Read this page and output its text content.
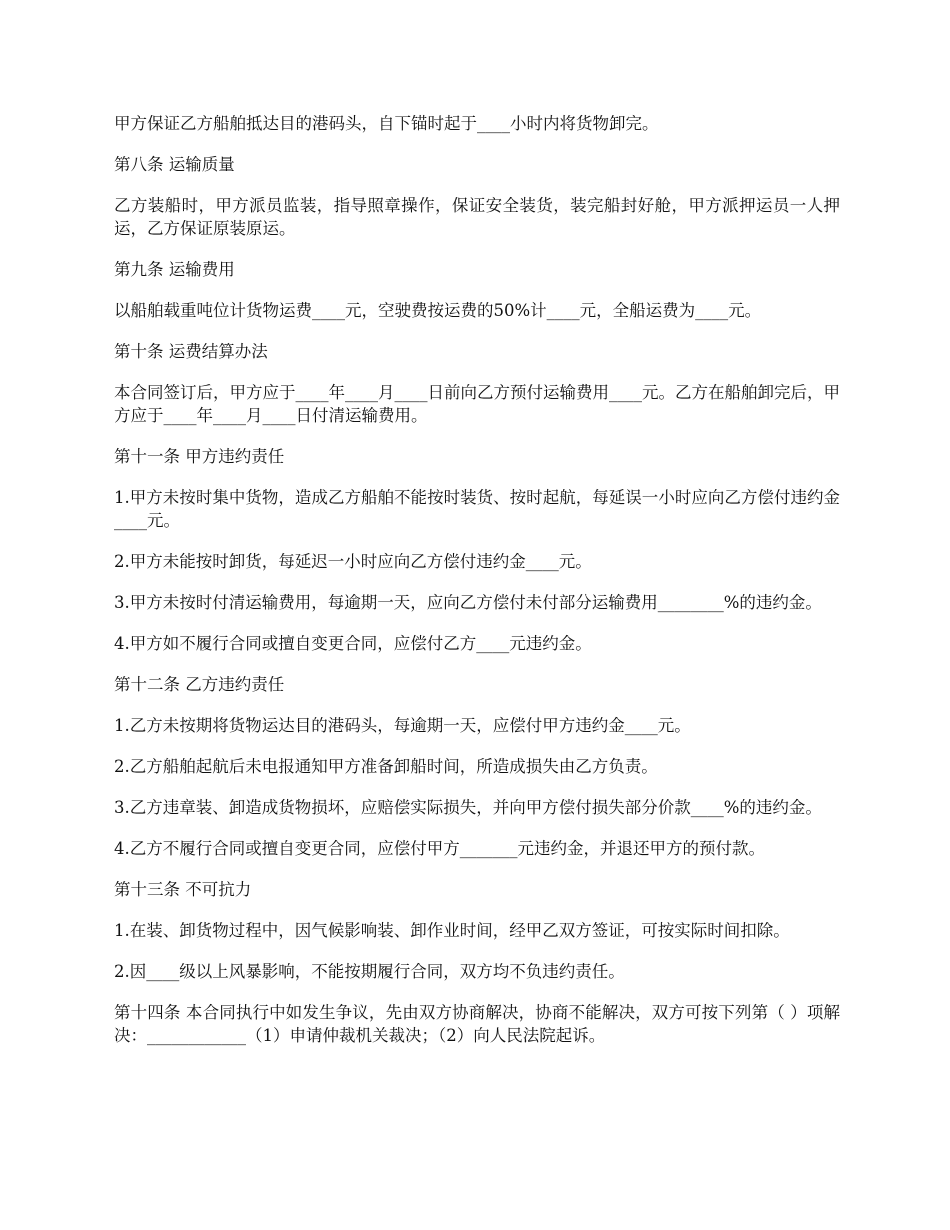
甲方保证乙方船舶抵达目的港码头，自下锚时起于____小时内将货物卸完。

第八条 运输质量

乙方装船时，甲方派员监装，指导照章操作，保证安全装货，装完船封好舱，甲方派押运员一人押运，乙方保证原装原运。

第九条 运输费用

以船舶载重吨位计货物运费____元，空驶费按运费的50%计____元，全船运费为____元。

第十条 运费结算办法

本合同签订后，甲方应于____年____月____日前向乙方预付运输费用____元。乙方在船舶卸完后，甲方应于____年____月____日付清运输费用。

第十一条 甲方违约责任

1.甲方未按时集中货物，造成乙方船舶不能按时装货、按时起航，每延误一小时应向乙方偿付违约金____元。

2.甲方未能按时卸货，每延迟一小时应向乙方偿付违约金____元。

3.甲方未按时付清运输费用，每逾期一天，应向乙方偿付未付部分运输费用________%的违约金。

4.甲方如不履行合同或擅自变更合同，应偿付乙方____元违约金。

第十二条 乙方违约责任

1.乙方未按期将货物运达目的港码头，每逾期一天，应偿付甲方违约金____元。

2.乙方船舶起航后未电报通知甲方准备卸船时间，所造成损失由乙方负责。

3.乙方违章装、卸造成货物损坏，应赔偿实际损失，并向甲方偿付损失部分价款____%的违约金。

4.乙方不履行合同或擅自变更合同，应偿付甲方_______元违约金，并退还甲方的预付款。

第十三条 不可抗力

1.在装、卸货物过程中，因气候影响装、卸作业时间，经甲乙双方签证，可按实际时间扣除。

2.因____级以上风暴影响，不能按期履行合同，双方均不负违约责任。

第十四条 本合同执行中如发生争议，先由双方协商解决，协商不能解决，双方可按下列第（ ）项解决：____________（1）申请仲裁机关裁决；（2）向人民法院起诉。
